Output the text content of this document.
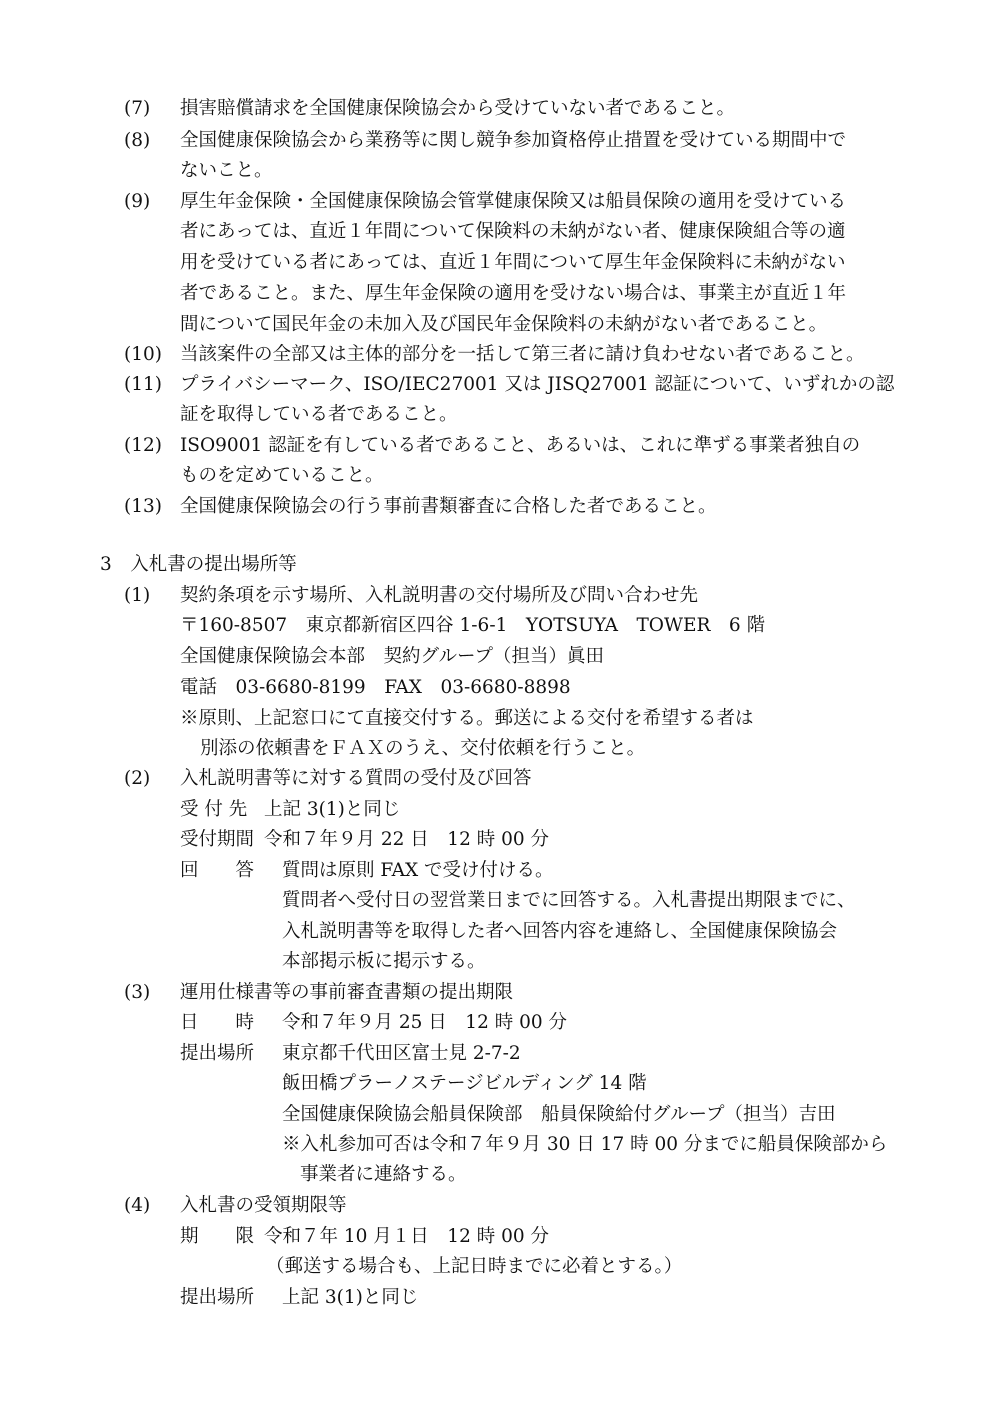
(7) 損害賠償請求を全国健康保険協会から受けていない者であること。
(8) 全国健康保険協会から業務等に関し競争参加資格停止措置を受けている期間中で
ないこと。
(9) 厚生年金保険・全国健康保険協会管掌健康保険又は船員保険の適用を受けている
者にあっては、直近１年間について保険料の未納がない者、健康保険組合等の適
用を受けている者にあっては、直近１年間について厚生年金保険料に未納がない
者であること。また、厚生年金保険の適用を受けない場合は、事業主が直近１年
間について国民年金の未加入及び国民年金保険料の未納がない者であること。
(10) 当該案件の全部又は主体的部分を一括して第三者に請け負わせない者であること。
(11) プライバシーマーク、ISO/IEC27001 又は JISQ27001 認証について、いずれかの認
証を取得している者であること。
(12) ISO9001 認証を有している者であること、あるいは、これに準ずる事業者独自の
ものを定めていること。
(13) 全国健康保険協会の行う事前書類審査に合格した者であること。
3　入札書の提出場所等
(1) 契約条項を示す場所、入札説明書の交付場所及び問い合わせ先
〒160-8507　東京都新宿区四谷 1-6-1　YOTSUYA　TOWER　6 階
全国健康保険協会本部　契約グループ（担当）眞田
電話　03-6680-8199　FAX　03-6680-8898
※原則、上記窓口にて直接交付する。郵送による交付を希望する者は
別添の依頼書をＦＡＸのうえ、交付依頼を行うこと。
(2) 入札説明書等に対する質問の受付及び回答
受 付 先 上記 3(1)と同じ
受付期間 令和７年９月 22 日　12 時 00 分
回　　答 質問は原則 FAX で受け付ける。
質問者へ受付日の翌営業日までに回答する。入札書提出期限までに、
入札説明書等を取得した者へ回答内容を連絡し、全国健康保険協会
本部掲示板に掲示する。
(3) 運用仕様書等の事前審査書類の提出期限
日　　時 令和７年９月 25 日　12 時 00 分
提出場所 東京都千代田区富士見 2-7-2
飯田橋プラーノステージビルディング 14 階
全国健康保険協会船員保険部　船員保険給付グループ（担当）吉田
※入札参加可否は令和７年９月 30 日 17 時 00 分までに船員保険部から
事業者に連絡する。
(4) 入札書の受領期限等
期　　限 令和７年 10 月１日　12 時 00 分
（郵送する場合も、上記日時までに必着とする。）
提出場所 上記 3(1)と同じ
